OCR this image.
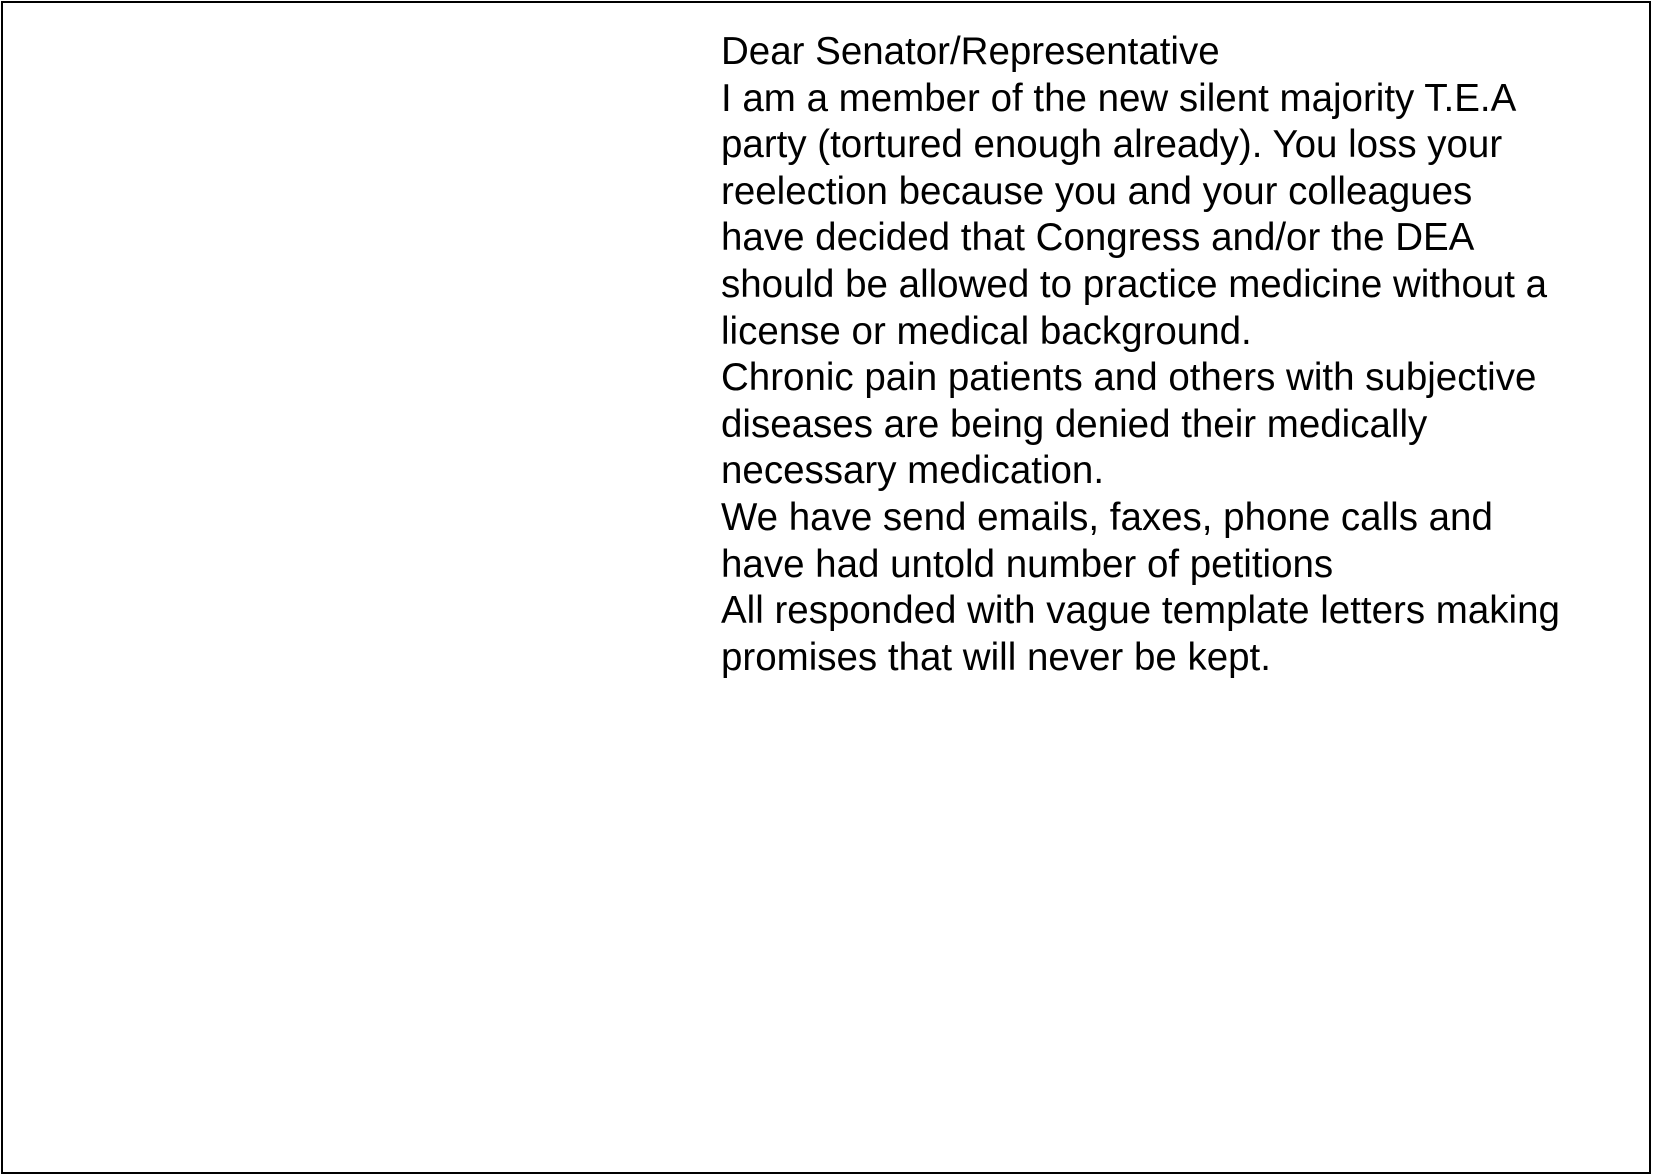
Dear Senator/Representative
I am a member of the new silent majority T.E.A
party (tortured enough already). You loss your
reelection because you and your colleagues
have decided that Congress and/or the DEA
should be allowed to practice medicine without a
license or medical background.
Chronic pain patients and others with subjective
diseases are being denied their medically
necessary medication.
We have send emails, faxes, phone calls and
have had untold number of petitions
All responded with vague template letters making
promises that will never be kept.
